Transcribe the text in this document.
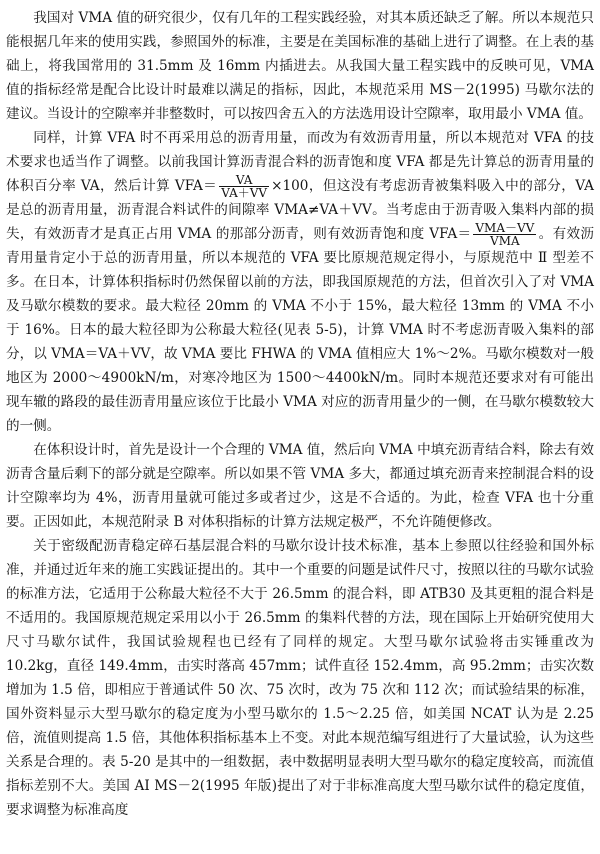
我国对 VMA 值的研究很少，仅有几年的工程实践经验，对其本质还缺乏了解。所以本规范只能根据几年来的使用实践，参照国外的标准，主要是在美国标准的基础上进行了调整。在上表的基础上，将我国常用的 31.5mm 及 16mm 内插进去。从我国大量工程实践中的反映可见，VMA 值的指标经常是配合比设计时最难以满足的指标，因此，本规范采用 MS－2(1995) 马歇尔法的建议。当设计的空隙率并非整数时，可以按四舍五入的方法选用设计空隙率，取用最小 VMA 值。

同样，计算 VFA 时不再采用总的沥青用量，而改为有效沥青用量，所以本规范对 VFA 的技术要求也适当作了调整。以前我国计算沥青混合料的沥青饱和度 VFA 都是先计算总的沥青用量的体积百分率 VA，然后计算 $VFA= \frac{VA}{VA+VV} \times 100$，但这没有考虑沥青被集料吸入中的部分，VA 是总的沥青用量，沥青混合料试件的间隙率 VMA≠VA＋VV。当考虑由于沥青吸入集料内部的损失，有效沥青才是真正占用 VMA 的那部分沥青，则有效沥青饱和度 $VFA= \frac{\text{VMA－VV}}{\text{VMA}}$ 。有效沥青用量肯定小于总的沥青用量，所以本规范的 VFA 要比原规范规定得小，与原规范中 Ⅱ 型差不多。在日本，计算体积指标时仍然保留以前的方法，即我国原规范的方法，但首次引入了对 VMA 及马歇尔模数的要求。最大粒径 20mm 的 VMA 不小于 15%，最大粒径 13mm 的 VMA 不小于 16%。日本的最大粒径即为公称最大粒径(见表 5-5)，计算 VMA 时不考虑沥青吸入集料的部分，以 VMA＝VA＋VV，故 VMA 要比 FHWA 的 VMA 值相应大 1%～2%。马歇尔模数对一般地区为 2000～4900kN/m，对寒冷地区为 1500～4400kN/m。同时本规范还要求对有可能出现车辙的路段的最佳沥青用量应该位于比最小 VMA 对应的沥青用量少的一侧，在马歇尔模数较大的一侧。

在体积设计时，首先是设计一个合理的 VMA 值，然后向 VMA 中填充沥青结合料，除去有效沥青含量后剩下的部分就是空隙率。所以如果不管 VMA 多大，都通过填充沥青来控制混合料的设计空隙率均为 4%，沥青用量就可能过多或者过少，这是不合适的。为此，检查 VFA 也十分重要。正因如此，本规范附录 B 对体积指标的计算方法规定极严，不允许随便修改。

关于密级配沥青稳定碎石基层混合料的马歇尔设计技术标准，基本上参照以往经验和国外标准，并通过近年来的施工实践证提出的。其中一个重要的问题是试件尺寸，按照以往的马歇尔试验的标准方法，它适用于公称最大粒径不大于 26.5mm 的混合料，即 ATB30 及其更粗的混合料是不适用的。我国原规范规定采用以小于 26.5mm 的集料代替的方法，现在国际上开始研究使用大尺寸马歇尔试件，我国试验规程也已经有了同样的规定。大型马歇尔试验将击实锤重改为 10.2kg，直径 149.4mm，击实时落高 457mm；试件直径 152.4mm，高 95.2mm；击实次数增加为 1.5 倍，即相应于普通试件 50 次、75 次时，改为 75 次和 112 次；而试验结果的标准，国外资料显示大型马歇尔的稳定度为小型马歇尔的 1.5～2.25 倍，如美国 NCAT 认为是 2.25 倍，流值则提高 1.5 倍，其他体积指标基本上不变。对此本规范编写组进行了大量试验，认为这些关系是合理的。表 5-20 是其中的一组数据，表中数据明显表明大型马歇尔的稳定度较高，而流值指标差别不大。美国 AI MS－2(1995 年版)提出了对于非标准高度大型马歇尔试件的稳定度值，要求调整为标准高度
